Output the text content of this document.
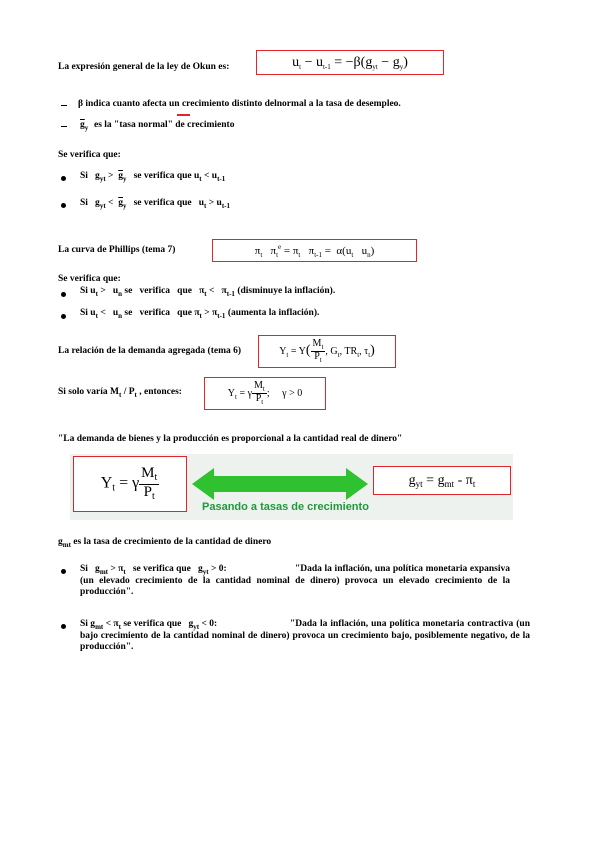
La expresión general de la ley de Okun es:	$u_t - u_{t-1} = -\beta(g_{yt} - g_y)$
β indica cuanto afecta un crecimiento distinto delnormal a la tasa de desempleo.
$\overline{g}_y$ es la "tasa normal" de crecimiento
Se verifica que:
Si   $g_{yt} > \overline{g}_y$   se verifica que $u_t < u_{t-1}$
Si   $g_{yt} < \overline{g}_y$   se verifica que   $u_t > u_{t-1}$
La curva de Phillips (tema 7)	$\pi_t$   $\pi_t^e = \pi_t$   $\pi_{t-1} = \alpha(u_t$   $u_n$)
Se verifica que:
Si $u_t > u_n$ se   verifica   que   $\pi_t < \pi_{t-1}$ (disminuye la inflación).
Si $u_t < u_n$ se   verifica   que $\pi_t > \pi_{t-1}$ (aumenta la inflación).
La relación de la demanda agregada (tema 6)	$Y_t = Y( \frac{M_t}{P_t}$ , $G_t$, $TR_t$, $\tau_t$)
Si solo varía $M_t / P_t$ , entonces:	$Y_t = \gamma \frac{M_t}{P_t}$ ;     γ > 0
"La demanda de bienes y la producción es proporcional a la cantidad real de dinero"
$Y_t = \gamma \frac{M_t}{P_t}$
Pasando a tasas de crecimiento
$g_{yt} = g_{mt} - \pi_t$
$g_{mt}$ es la tasa de crecimiento de la cantidad de dinero
Si   $g_{mt} > \pi_t$   se verifica que   $g_{yt} > 0$:	"Dada la inflación, una política monetaria expansiva (un elevado crecimiento de la cantidad nominal de dinero) provoca un elevado crecimiento de la producción".
Si $g_{mt} < \pi_t$ se verifica que   $g_{yt} < 0$:	"Dada la inflación, una política monetaria contractiva (un bajo crecimiento de la cantidad nominal de dinero) provoca un crecimiento bajo, posiblemente negativo, de la producción".
